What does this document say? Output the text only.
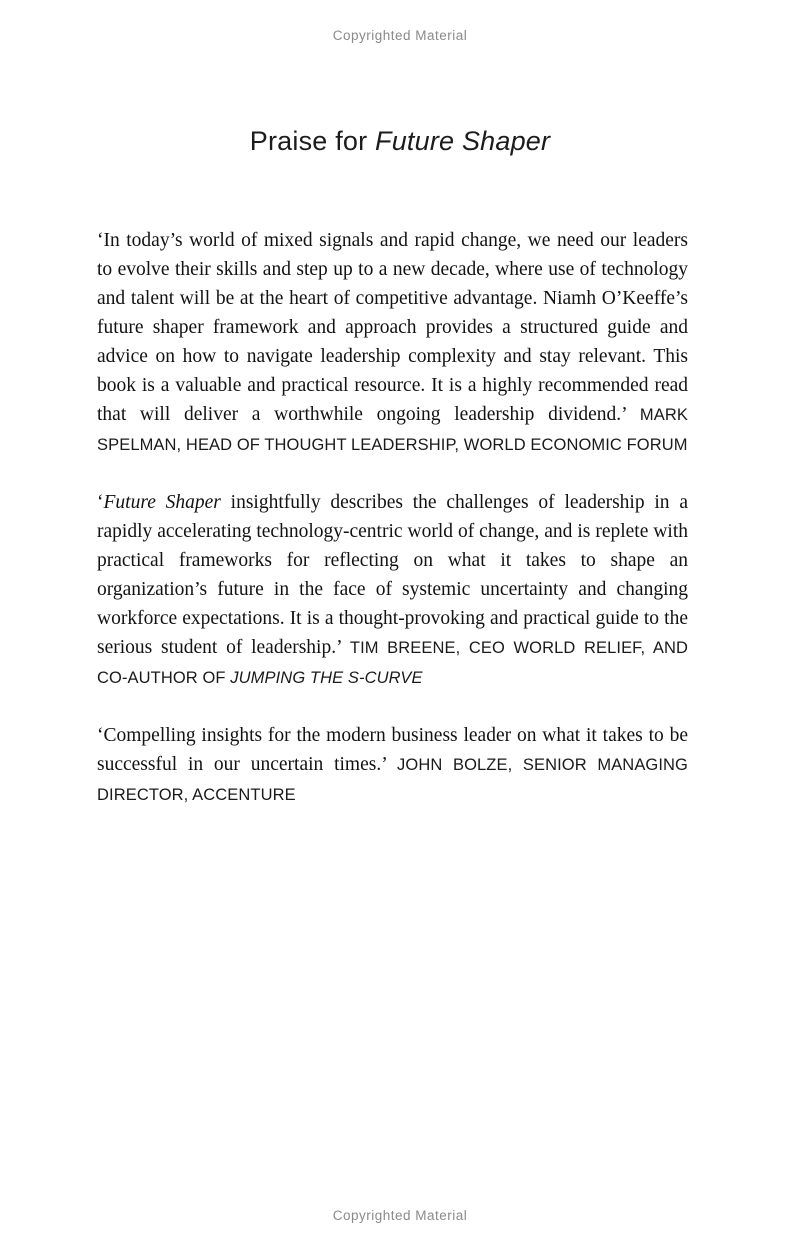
Copyrighted Material
Praise for Future Shaper

‘In today’s world of mixed signals and rapid change, we need our leaders to evolve their skills and step up to a new decade, where use of technology and talent will be at the heart of competitive advantage. Niamh O’Keeffe’s future shaper framework and approach provides a structured guide and advice on how to navigate leadership complexity and stay relevant. This book is a valuable and practical resource. It is a highly recommended read that will deliver a worthwhile ongoing leadership dividend.’ MARK SPELMAN, HEAD OF THOUGHT LEADERSHIP, WORLD ECONOMIC FORUM

‘Future Shaper insightfully describes the challenges of leadership in a rapidly accelerating technology-centric world of change, and is replete with practical frameworks for reflecting on what it takes to shape an organization’s future in the face of systemic uncertainty and changing workforce expectations. It is a thought-provoking and practical guide to the serious student of leadership.’ TIM BREENE, CEO WORLD RELIEF, AND CO-AUTHOR OF JUMPING THE S-CURVE

‘Compelling insights for the modern business leader on what it takes to be successful in our uncertain times.’ JOHN BOLZE, SENIOR MANAGING DIRECTOR, ACCENTURE

Copyrighted Material
